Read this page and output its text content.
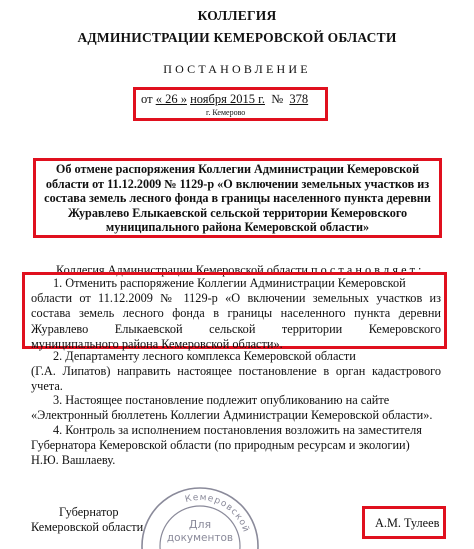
КОЛЛЕГИЯ
АДМИНИСТРАЦИИ КЕМЕРОВСКОЙ ОБЛАСТИ
ПОСТАНОВЛЕНИЕ
от « 26 » ноября 2015 г. № 378
г. Кемерово
Об отмене распоряжения Коллегии Администрации Кемеровской
области от 11.12.2009 № 1129-р «О включении земельных участков из
состава земель лесного фонда в границы населенного пункта деревни
Журавлево Елыкаевской сельской территории Кемеровского
муниципального района Кемеровской области»
Коллегия Администрации Кемеровской области п о с т а н о в л я е т :
1. Отменить распоряжение Коллегии Администрации Кемеровской
области от 11.12.2009 № 1129-р «О включении земельных участков из
состава земель лесного фонда в границы населенного пункта деревни
Журавлево Елыкаевской сельской территории Кемеровского
муниципального района Кемеровской области».
2. Департаменту лесного комплекса Кемеровской области
(Г.А. Липатов) направить настоящее постановление в орган кадастрового
учета.
3. Настоящее постановление подлежит опубликованию на сайте
«Электронный бюллетень Коллегии Администрации Кемеровской области».
4. Контроль за исполнением постановления возложить на заместителя
Губернатора Кемеровской области (по природным ресурсам и экологии)
Н.Ю. Вашлаеву.
Кемеровской
Для
документов
Губернатор
Кемеровской области	А.М. Тулеев
